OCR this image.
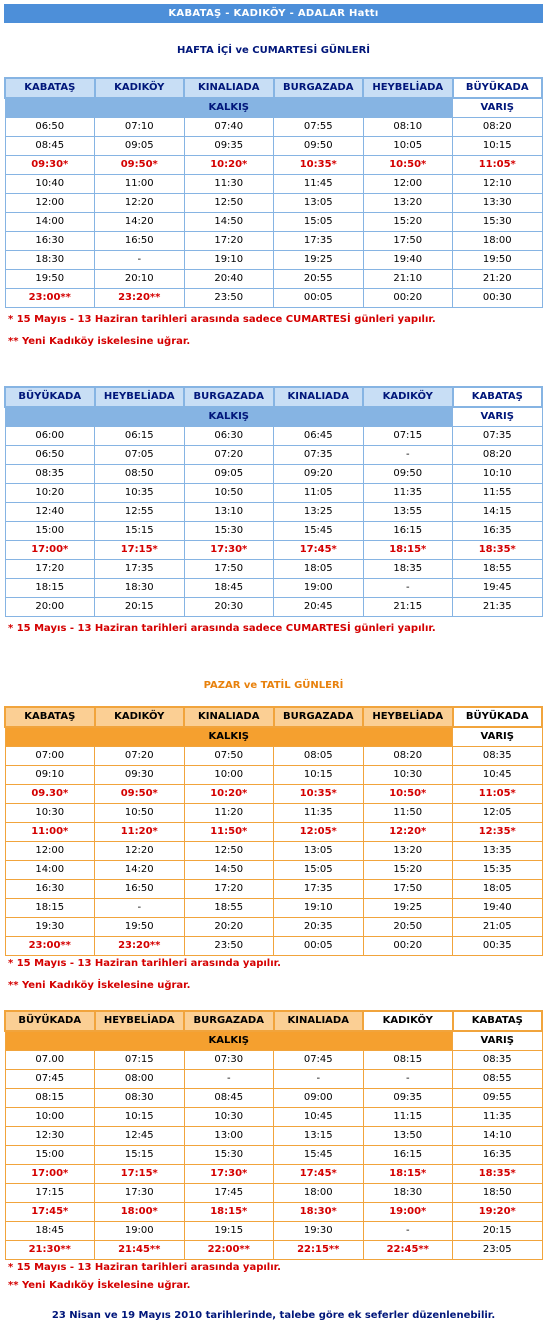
KABATAŞ - KADIKÖY - ADALAR Hattı
HAFTA İÇİ ve CUMARTESİ GÜNLERİ
KABATAŞ	KADIKÖY	KINALIADA	BURGAZADA	HEYBELİADA	BÜYÜKADA
KALKIŞ					VARIŞ
06:50	07:10	07:40	07:55	08:10	08:20
08:45	09:05	09:35	09:50	10:05	10:15
09:30*	09:50*	10:20*	10:35*	10:50*	11:05*
10:40	11:00	11:30	11:45	12:00	12:10
12:00	12:20	12:50	13:05	13:20	13:30
14:00	14:20	14:50	15:05	15:20	15:30
16:30	16:50	17:20	17:35	17:50	18:00
18:30	-	19:10	19:25	19:40	19:50
19:50	20:10	20:40	20:55	21:10	21:20
23:00**	23:20**	23:50	00:05	00:20	00:30
* 15 Mayıs - 13 Haziran tarihleri arasında sadece CUMARTESİ günleri yapılır.
** Yeni Kadıköy iskelesine uğrar.
BÜYÜKADA	HEYBELİADA	BURGAZADA	KINALIADA	KADIKÖY	KABATAŞ
KALKIŞ					VARIŞ
06:00	06:15	06:30	06:45	07:15	07:35
06:50	07:05	07:20	07:35	-	08:20
08:35	08:50	09:05	09:20	09:50	10:10
10:20	10:35	10:50	11:05	11:35	11:55
12:40	12:55	13:10	13:25	13:55	14:15
15:00	15:15	15:30	15:45	16:15	16:35
17:00*	17:15*	17:30*	17:45*	18:15*	18:35*
17:20	17:35	17:50	18:05	18:35	18:55
18:15	18:30	18:45	19:00	-	19:45
20:00	20:15	20:30	20:45	21:15	21:35
* 15 Mayıs - 13 Haziran tarihleri arasında sadece CUMARTESİ günleri yapılır.
PAZAR ve TATİL GÜNLERİ
KABATAŞ	KADIKÖY	KINALIADA	BURGAZADA	HEYBELİADA	BÜYÜKADA
KALKIŞ					VARIŞ
07:00	07:20	07:50	08:05	08:20	08:35
09:10	09:30	10:00	10:15	10:30	10:45
09.30*	09:50*	10:20*	10:35*	10:50*	11:05*
10:30	10:50	11:20	11:35	11:50	12:05
11:00*	11:20*	11:50*	12:05*	12:20*	12:35*
12:00	12:20	12:50	13:05	13:20	13:35
14:00	14:20	14:50	15:05	15:20	15:35
16:30	16:50	17:20	17:35	17:50	18:05
18:15	-	18:55	19:10	19:25	19:40
19:30	19:50	20:20	20:35	20:50	21:05
23:00**	23:20**	23:50	00:05	00:20	00:35
* 15 Mayıs - 13 Haziran tarihleri arasında yapılır.
** Yeni Kadıköy İskelesine uğrar.
BÜYÜKADA	HEYBELİADA	BURGAZADA	KINALIADA	KADIKÖY	KABATAŞ
KALKIŞ					VARIŞ
07.00	07:15	07:30	07:45	08:15	08:35
07:45	08:00	-	-	-	08:55
08:15	08:30	08:45	09:00	09:35	09:55
10:00	10:15	10:30	10:45	11:15	11:35
12:30	12:45	13:00	13:15	13:50	14:10
15:00	15:15	15:30	15:45	16:15	16:35
17:00*	17:15*	17:30*	17:45*	18:15*	18:35*
17:15	17:30	17:45	18:00	18:30	18:50
17:45*	18:00*	18:15*	18:30*	19:00*	19:20*
18:45	19:00	19:15	19:30	-	20:15
21:30**	21:45**	22:00**	22:15**	22:45**	23:05
* 15 Mayıs - 13 Haziran tarihleri arasında yapılır.
** Yeni Kadıköy İskelesine uğrar.
23 Nisan ve 19 Mayıs 2010 tarihlerinde, talebe göre ek seferler düzenlenebilir.
